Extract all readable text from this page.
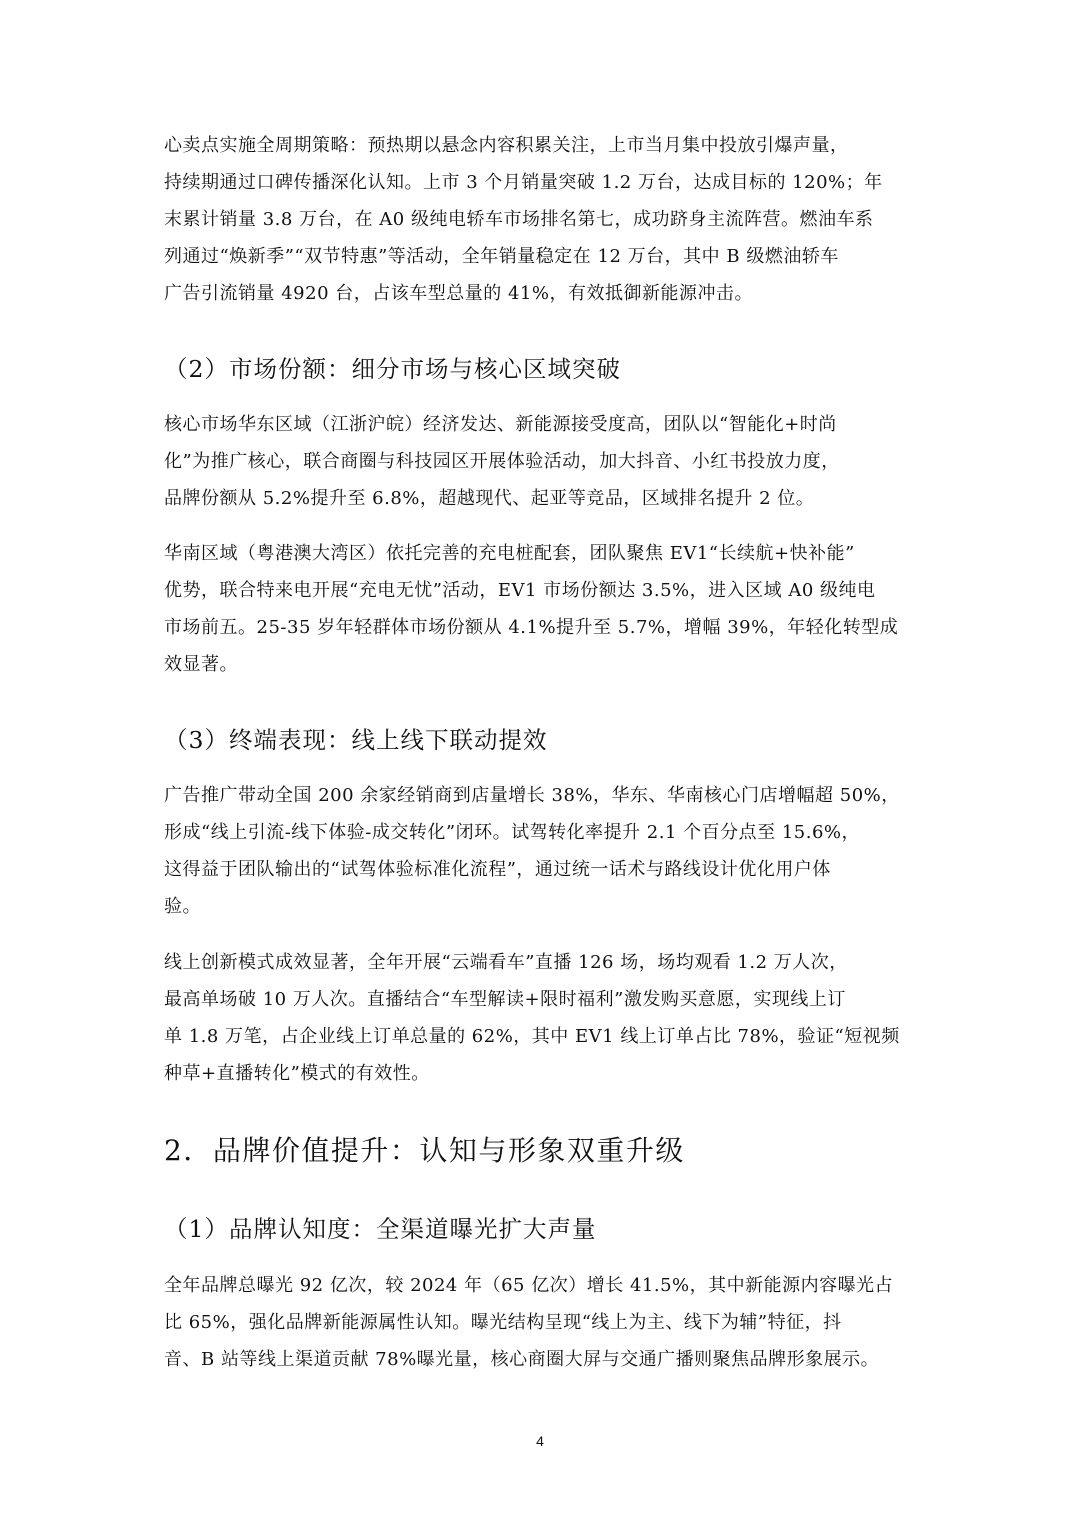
心卖点实施全周期策略：预热期以悬念内容积累关注，上市当月集中投放引爆声量，
持续期通过口碑传播深化认知。上市 3 个月销量突破 1.2 万台，达成目标的 120%；年
末累计销量 3.8 万台，在 A0 级纯电轿车市场排名第七，成功跻身主流阵营。燃油车系
列通过“焕新季”“双节特惠”等活动，全年销量稳定在 12 万台，其中 B 级燃油轿车
广告引流销量 4920 台，占该车型总量的 41%，有效抵御新能源冲击。

（2）市场份额：细分市场与核心区域突破

核心市场华东区域（江浙沪皖）经济发达、新能源接受度高，团队以“智能化+时尚
化”为推广核心，联合商圈与科技园区开展体验活动，加大抖音、小红书投放力度，
品牌份额从 5.2%提升至 6.8%，超越现代、起亚等竞品，区域排名提升 2 位。

华南区域（粤港澳大湾区）依托完善的充电桩配套，团队聚焦 EV1“长续航+快补能”
优势，联合特来电开展“充电无忧”活动，EV1 市场份额达 3.5%，进入区域 A0 级纯电
市场前五。25-35 岁年轻群体市场份额从 4.1%提升至 5.7%，增幅 39%，年轻化转型成
效显著。

（3）终端表现：线上线下联动提效

广告推广带动全国 200 余家经销商到店量增长 38%，华东、华南核心门店增幅超 50%，
形成“线上引流-线下体验-成交转化”闭环。试驾转化率提升 2.1 个百分点至 15.6%，
这得益于团队输出的“试驾体验标准化流程”，通过统一话术与路线设计优化用户体
验。

线上创新模式成效显著，全年开展“云端看车”直播 126 场，场均观看 1.2 万人次，
最高单场破 10 万人次。直播结合“车型解读+限时福利”激发购买意愿，实现线上订
单 1.8 万笔，占企业线上订单总量的 62%，其中 EV1 线上订单占比 78%，验证“短视频
种草+直播转化”模式的有效性。

2．品牌价值提升：认知与形象双重升级
（1）品牌认知度：全渠道曝光扩大声量

全年品牌总曝光 92 亿次，较 2024 年（65 亿次）增长 41.5%，其中新能源内容曝光占
比 65%，强化品牌新能源属性认知。曝光结构呈现“线上为主、线下为辅”特征，抖
音、B 站等线上渠道贡献 78%曝光量，核心商圈大屏与交通广播则聚焦品牌形象展示。

4
